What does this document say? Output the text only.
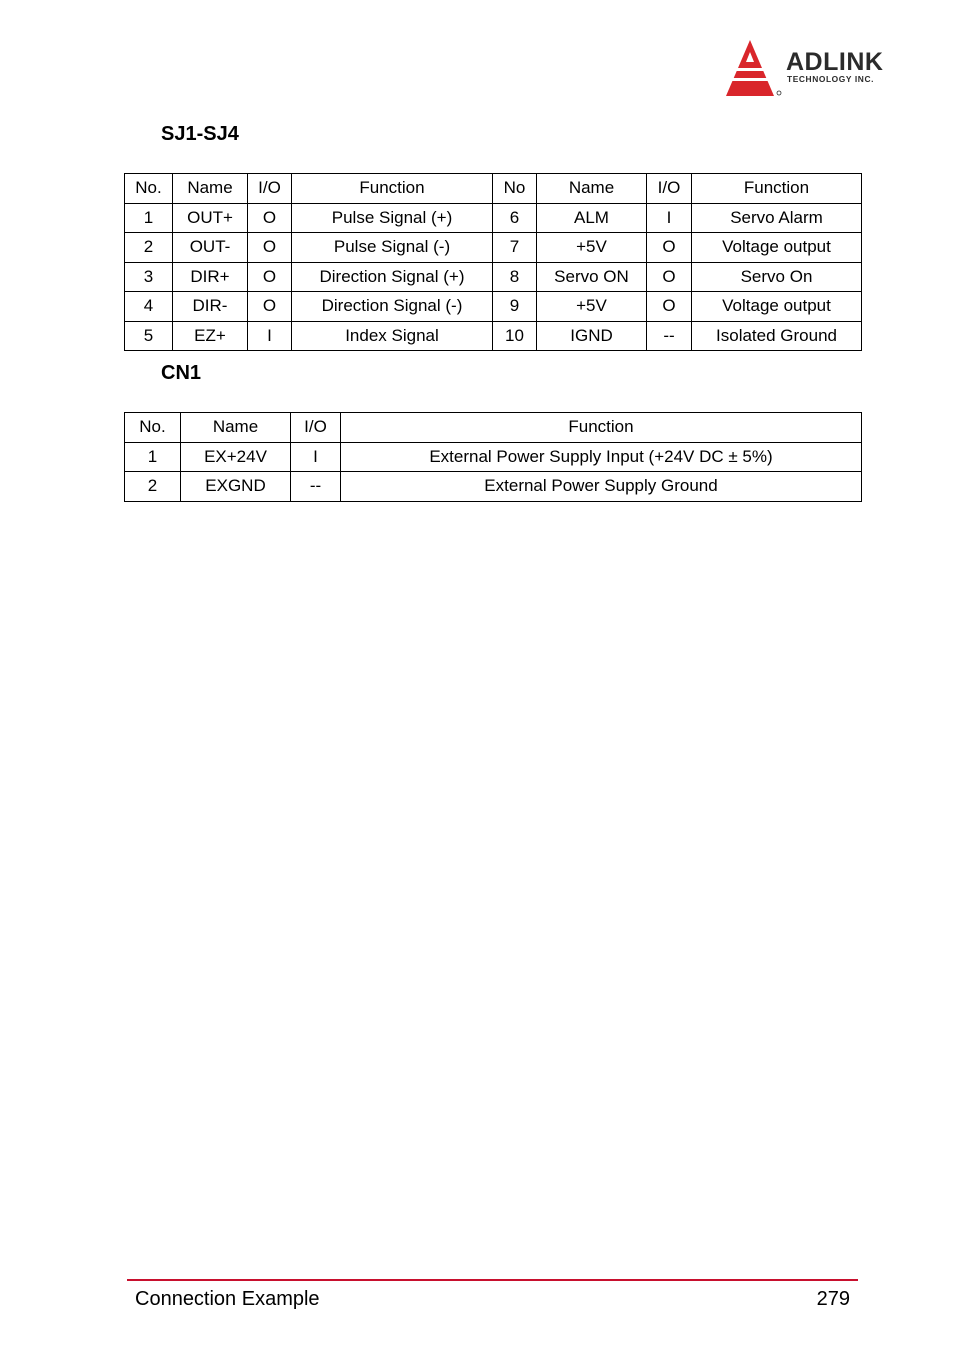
ADLINK
TECHNOLOGY INC.
SJ1-SJ4
No.	Name	I/O	Function	No	Name	I/O	Function
1	OUT+	O	Pulse Signal (+)	6	ALM	I	Servo Alarm
2	OUT-	O	Pulse Signal (-)	7	+5V	O	Voltage output
3	DIR+	O	Direction Signal (+)	8	Servo ON	O	Servo On
4	DIR-	O	Direction Signal (-)	9	+5V	O	Voltage output
5	EZ+	I	Index Signal	10	IGND	--	Isolated Ground
CN1
No.	Name	I/O	Function
1	EX+24V	I	External Power Supply Input (+24V DC ± 5%)
2	EXGND	--	External Power Supply Ground
Connection Example	279
